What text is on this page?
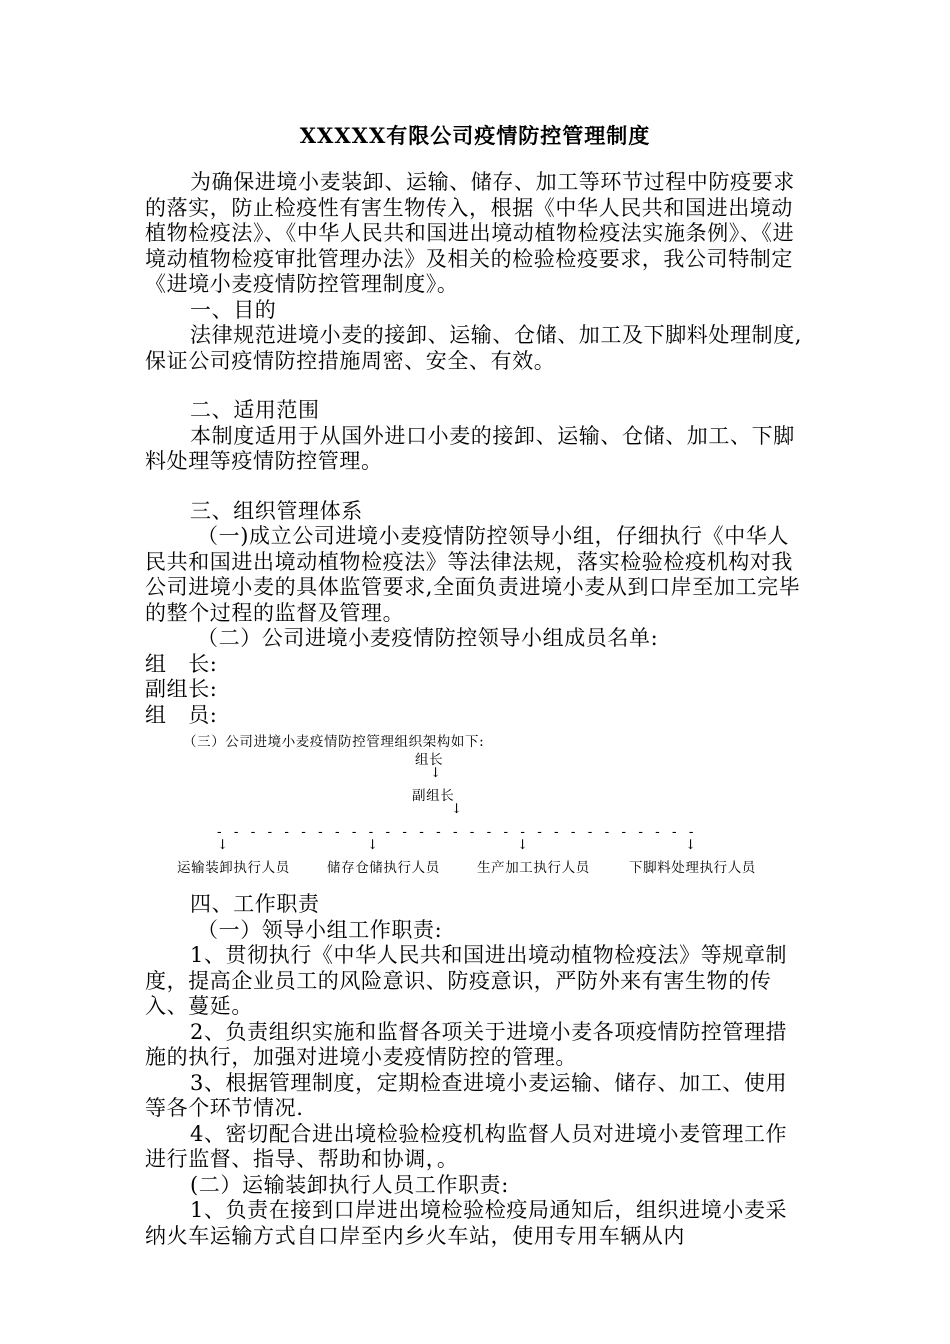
XXXXX有限公司疫情防控管理制度

为确保进境小麦装卸、运输、储存、加工等环节过程中防疫要求的落实，防止检疫性有害生物传入，根据《中华人民共和国进出境动植物检疫法》、《中华人民共和国进出境动植物检疫法实施条例》、《进境动植物检疫审批管理办法》及相关的检验检疫要求，我公司特制定《进境小麦疫情防控管理制度》。

一、目的

法律规范进境小麦的接卸、运输、仓储、加工及下脚料处理制度,保证公司疫情防控措施周密、安全、有效。

二、适用范围

本制度适用于从国外进口小麦的接卸、运输、仓储、加工、下脚料处理等疫情防控管理。

三、组织管理体系

（一)成立公司进境小麦疫情防控领导小组，仔细执行《中华人民共和国进出境动植物检疫法》等法律法规，落实检验检疫机构对我公司进境小麦的具体监管要求,全面负责进境小麦从到口岸至加工完毕的整个过程的监督及管理。

（二）公司进境小麦疫情防控领导小组成员名单:

组　长:

副组长:

组　员:

（三）公司进境小麦疫情防控管理组织架构如下:
组长
↓
副组长
↓
- - - - - - - - - - - - - - - - - - - - - - - - - - - - -
↓	↓	↓	↓
运输装卸执行人员	储存仓储执行人员	生产加工执行人员	下脚料处理执行人员

四、工作职责

（一）领导小组工作职责:

1、贯彻执行《中华人民共和国进出境动植物检疫法》等规章制度，提高企业员工的风险意识、防疫意识，严防外来有害生物的传入、蔓延。

2、负责组织实施和监督各项关于进境小麦各项疫情防控管理措施的执行，加强对进境小麦疫情防控的管理。

3、根据管理制度，定期检查进境小麦运输、储存、加工、使用等各个环节情况.

4、密切配合进出境检验检疫机构监督人员对进境小麦管理工作进行监督、指导、帮助和协调，。

(二）运输装卸执行人员工作职责:

1、负责在接到口岸进出境检验检疫局通知后，组织进境小麦采纳火车运输方式自口岸至内乡火车站，使用专用车辆从内
